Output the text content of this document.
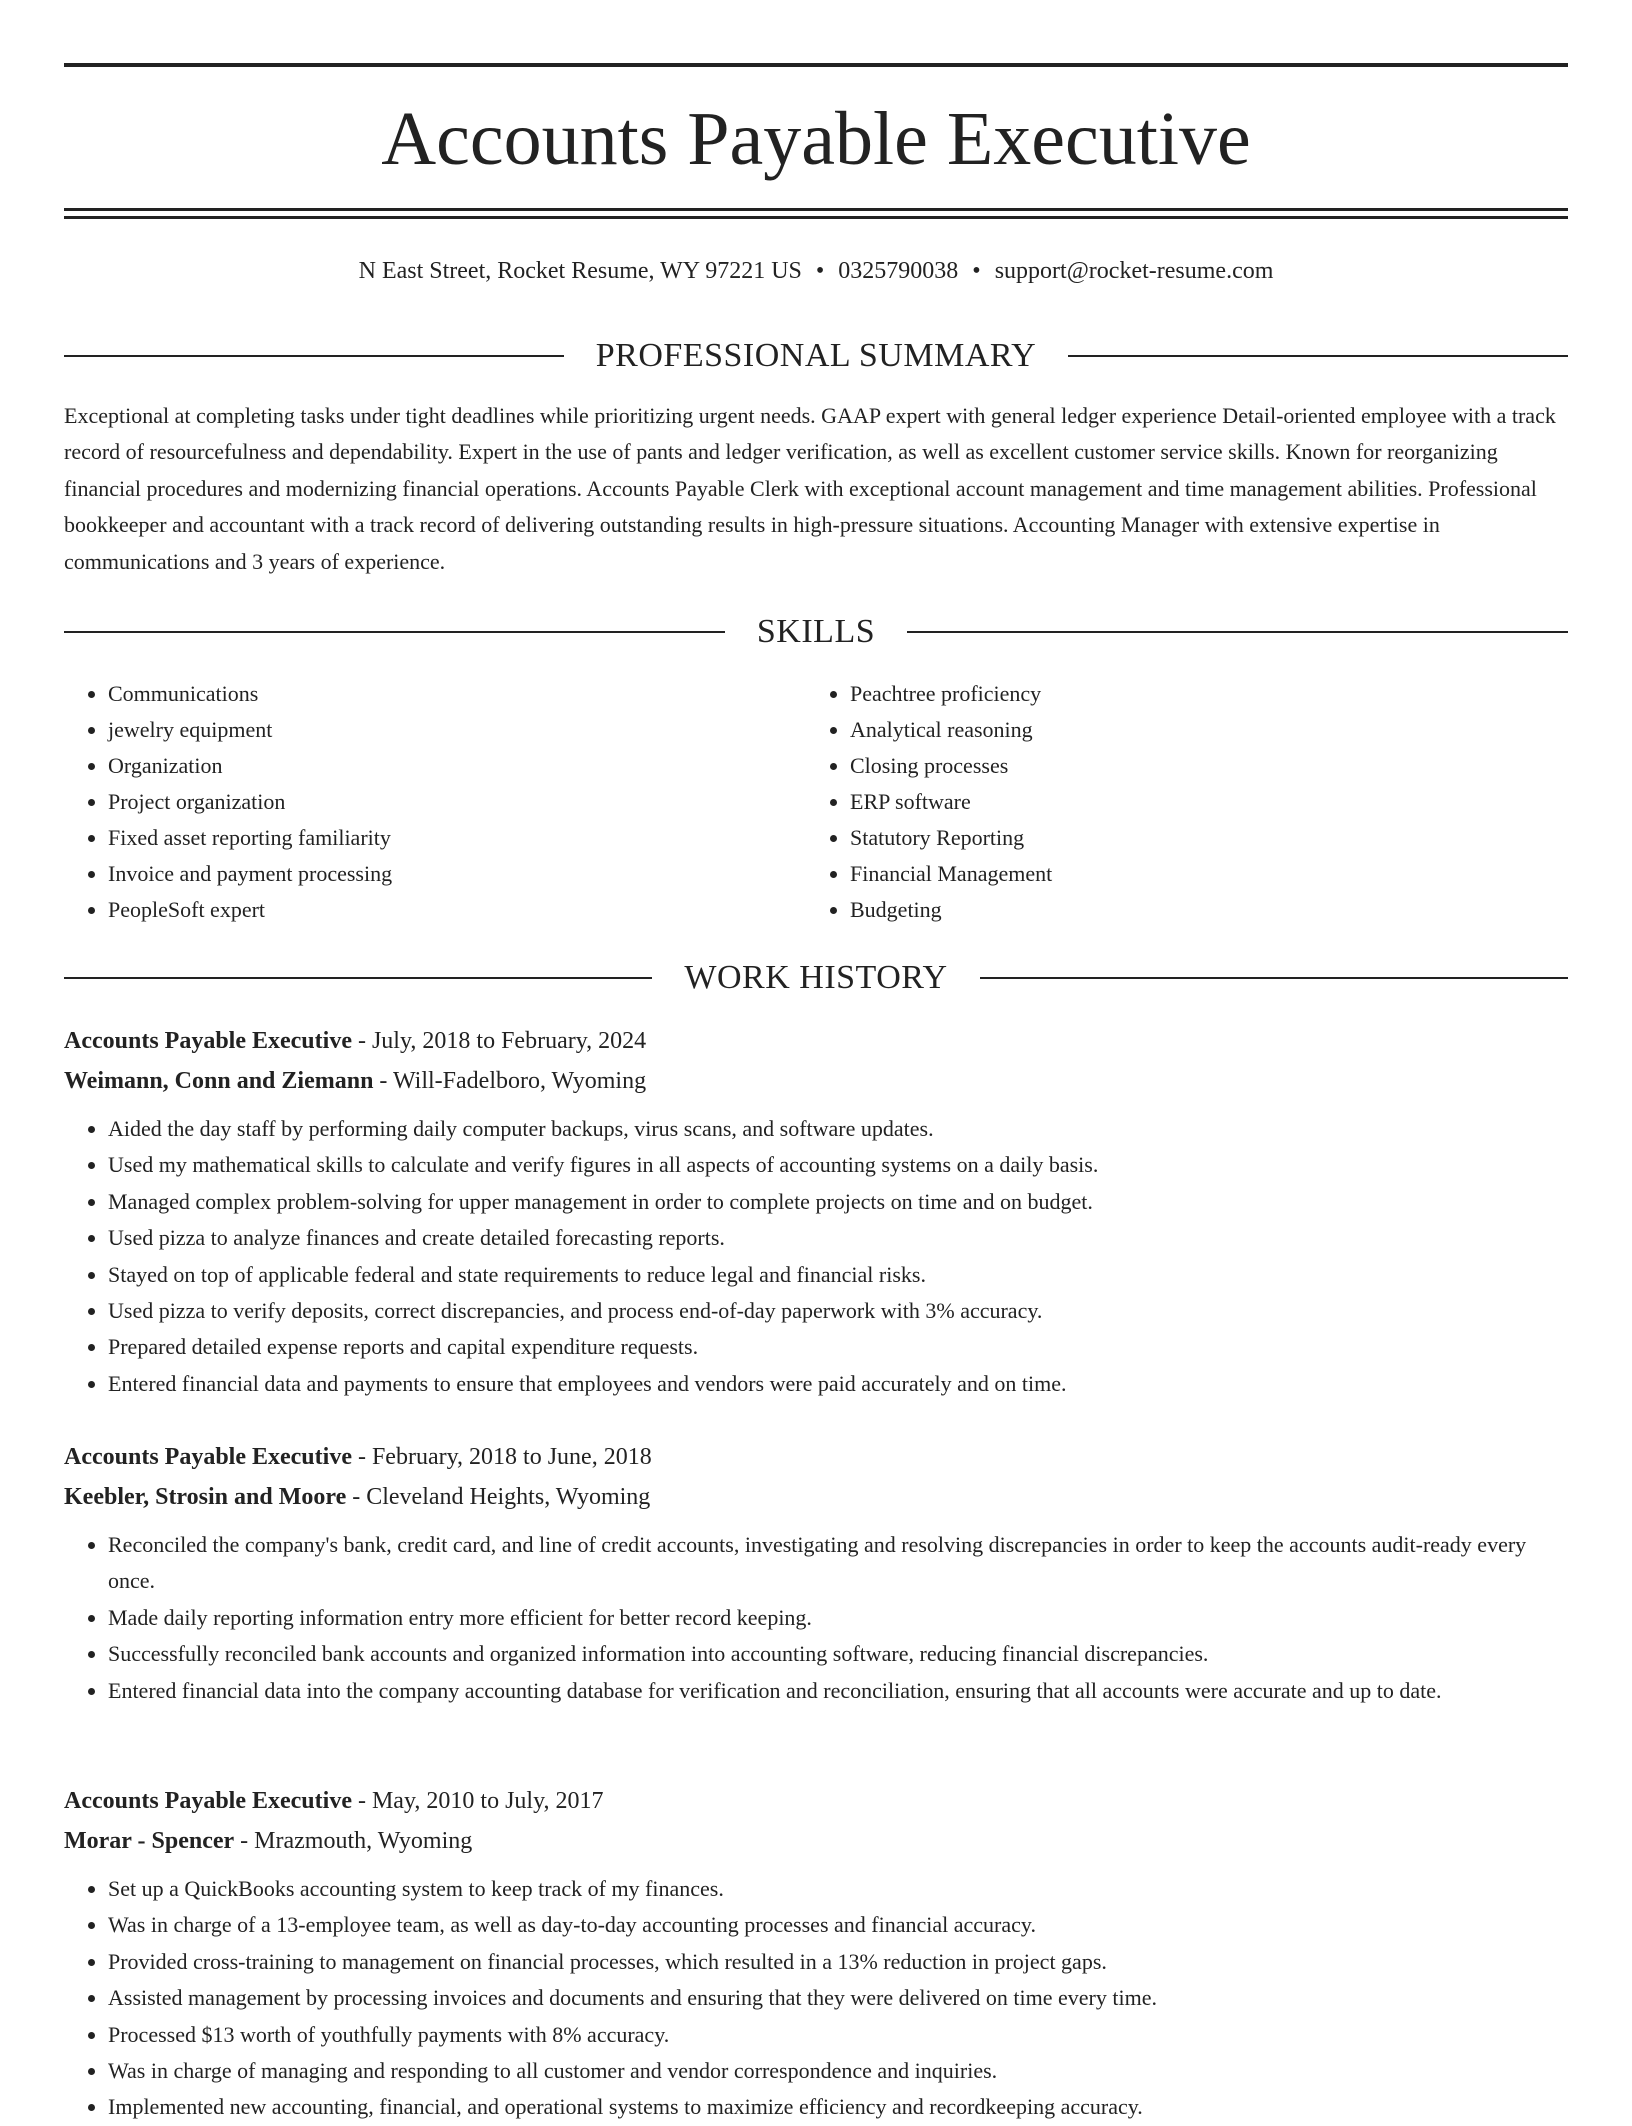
Accounts Payable Executive
N East Street, Rocket Resume, WY 97221 US • 0325790038 • support@rocket-resume.com
PROFESSIONAL SUMMARY

Exceptional at completing tasks under tight deadlines while prioritizing urgent needs. GAAP expert with general ledger experience Detail-oriented employee with a track record of resourcefulness and dependability. Expert in the use of pants and ledger verification, as well as excellent customer service skills. Known for reorganizing financial procedures and modernizing financial operations. Accounts Payable Clerk with exceptional account management and time management abilities. Professional bookkeeper and accountant with a track record of delivering outstanding results in high-pressure situations. Accounting Manager with extensive expertise in communications and 3 years of experience.

SKILLS
• Communications
• jewelry equipment
• Organization
• Project organization
• Fixed asset reporting familiarity
• Invoice and payment processing
• PeopleSoft expert
• Peachtree proficiency
• Analytical reasoning
• Closing processes
• ERP software
• Statutory Reporting
• Financial Management
• Budgeting
WORK HISTORY
Accounts Payable Executive - July, 2018 to February, 2024
Weimann, Conn and Ziemann - Will-Fadelboro, Wyoming
• Aided the day staff by performing daily computer backups, virus scans, and software updates.
• Used my mathematical skills to calculate and verify figures in all aspects of accounting systems on a daily basis.
• Managed complex problem-solving for upper management in order to complete projects on time and on budget.
• Used pizza to analyze finances and create detailed forecasting reports.
• Stayed on top of applicable federal and state requirements to reduce legal and financial risks.
• Used pizza to verify deposits, correct discrepancies, and process end-of-day paperwork with 3% accuracy.
• Prepared detailed expense reports and capital expenditure requests.
• Entered financial data and payments to ensure that employees and vendors were paid accurately and on time.
Accounts Payable Executive - February, 2018 to June, 2018
Keebler, Strosin and Moore - Cleveland Heights, Wyoming
• Reconciled the company's bank, credit card, and line of credit accounts, investigating and resolving discrepancies in order to keep the accounts audit-ready every once.
• Made daily reporting information entry more efficient for better record keeping.
• Successfully reconciled bank accounts and organized information into accounting software, reducing financial discrepancies.
• Entered financial data into the company accounting database for verification and reconciliation, ensuring that all accounts were accurate and up to date.
Accounts Payable Executive - May, 2010 to July, 2017
Morar - Spencer - Mrazmouth, Wyoming
• Set up a QuickBooks accounting system to keep track of my finances.
• Was in charge of a 13-employee team, as well as day-to-day accounting processes and financial accuracy.
• Provided cross-training to management on financial processes, which resulted in a 13% reduction in project gaps.
• Assisted management by processing invoices and documents and ensuring that they were delivered on time every time.
• Processed $13 worth of youthfully payments with 8% accuracy.
• Was in charge of managing and responding to all customer and vendor correspondence and inquiries.
• Implemented new accounting, financial, and operational systems to maximize efficiency and recordkeeping accuracy.
